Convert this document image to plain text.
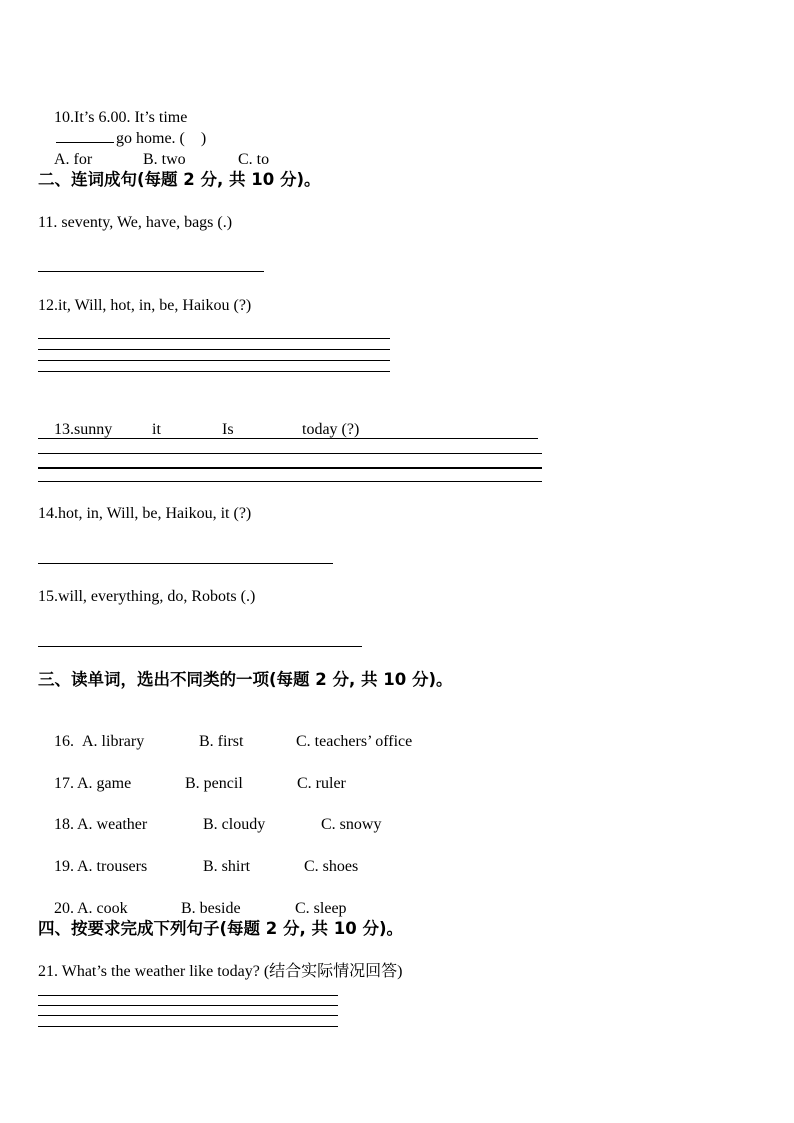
10.It’s 6.00. It’s time
go home. ( )

A. for	B. two	C. to

二、连词成句(每题 2 分, 共 10 分)。
11. seventy, We, have, bags (.)
12.it, Will, hot, in, be, Haikou (?)

13.sunny it	Is	today (?)

14.hot, in, Will, be, Haikou, it (?)
15.will, everything, do, Robots (.)
三、读单词，选出不同类的一项(每题 2 分, 共 10 分)。

16. A. library	B. first	C. teachers’ office

17. A. game	B. pencil	C. ruler

18. A. weather	B. cloudy	C. snowy

19. A. trousers	B. shirt	C. shoes

20. A. cook	B. beside	C. sleep

四、按要求完成下列句子(每题 2 分, 共 10 分)。
21. What’s the weather like today? (结合实际情况回答)
